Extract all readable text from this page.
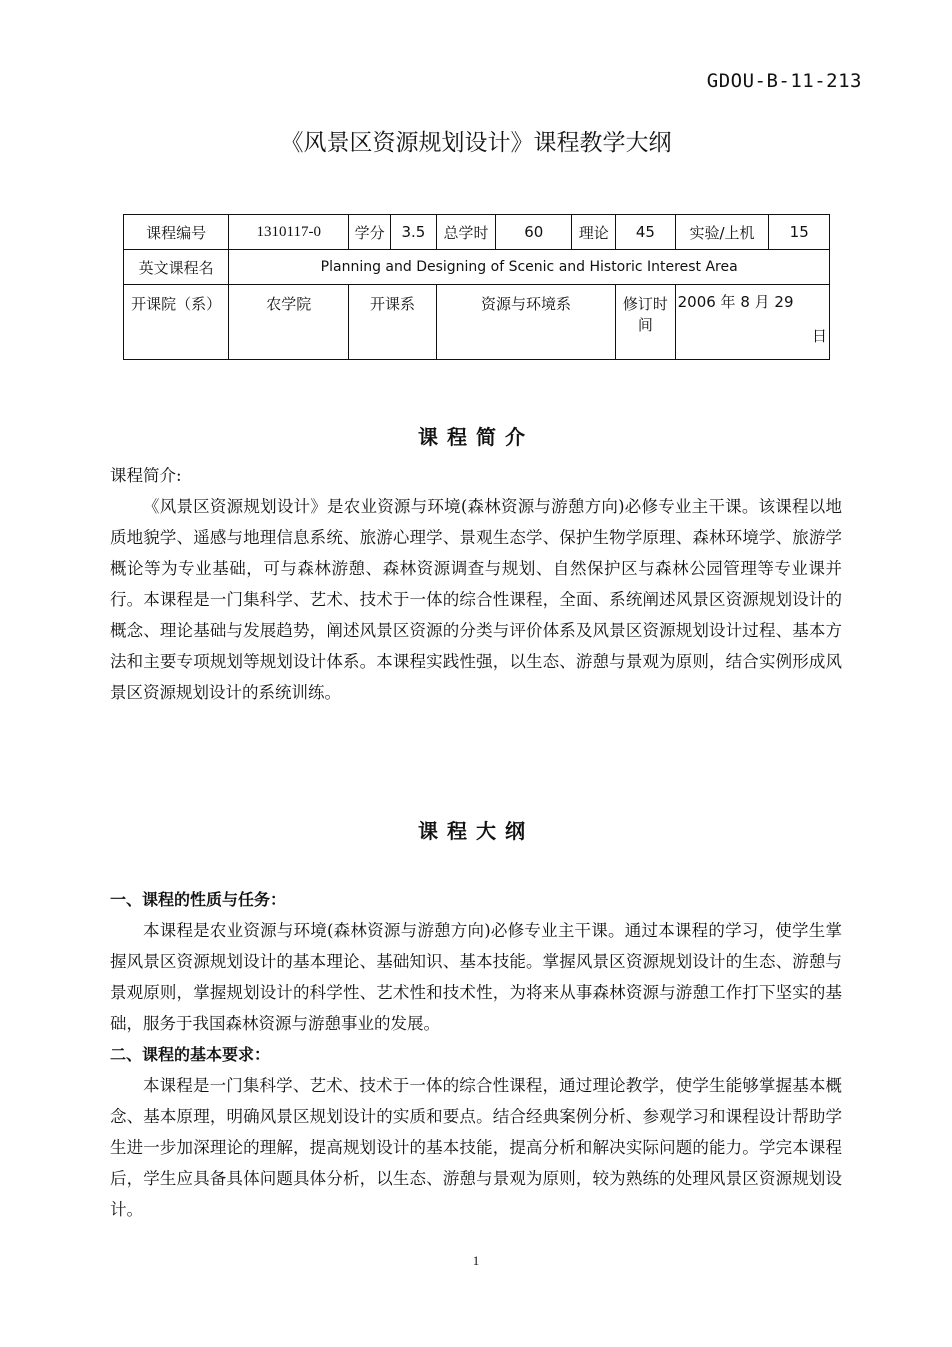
GDOU-B-11-213
《风景区资源规划设计》课程教学大纲
课程编号	1310117-0	学分	3.5	总学时	60	理论	45	实验/上机	15
英文课程名	Planning and Designing of Scenic and Historic Interest Area								
开课院（系）	农学院	开课系		资源与环境系			修订时间	2006 年 8 月 29
日	
课程简介

课程简介:

《风景区资源规划设计》是农业资源与环境(森林资源与游憩方向)必修专业主干课。该课程以地质地貌学、遥感与地理信息系统、旅游心理学、景观生态学、保护生物学原理、森林环境学、旅游学概论等为专业基础，可与森林游憩、森林资源调查与规划、自然保护区与森林公园管理等专业课并行。本课程是一门集科学、艺术、技术于一体的综合性课程，全面、系统阐述风景区资源规划设计的概念、理论基础与发展趋势，阐述风景区资源的分类与评价体系及风景区资源规划设计过程、基本方法和主要专项规划等规划设计体系。本课程实践性强，以生态、游憩与景观为原则，结合实例形成风景区资源规划设计的系统训练。

课程大纲

一、课程的性质与任务：

本课程是农业资源与环境(森林资源与游憩方向)必修专业主干课。通过本课程的学习，使学生掌握风景区资源规划设计的基本理论、基础知识、基本技能。掌握风景区资源规划设计的生态、游憩与景观原则，掌握规划设计的科学性、艺术性和技术性，为将来从事森林资源与游憩工作打下坚实的基础，服务于我国森林资源与游憩事业的发展。

二、课程的基本要求：

本课程是一门集科学、艺术、技术于一体的综合性课程，通过理论教学，使学生能够掌握基本概念、基本原理，明确风景区规划设计的实质和要点。结合经典案例分析、参观学习和课程设计帮助学生进一步加深理论的理解，提高规划设计的基本技能，提高分析和解决实际问题的能力。学完本课程后，学生应具备具体问题具体分析，以生态、游憩与景观为原则，较为熟练的处理风景区资源规划设计。

1
